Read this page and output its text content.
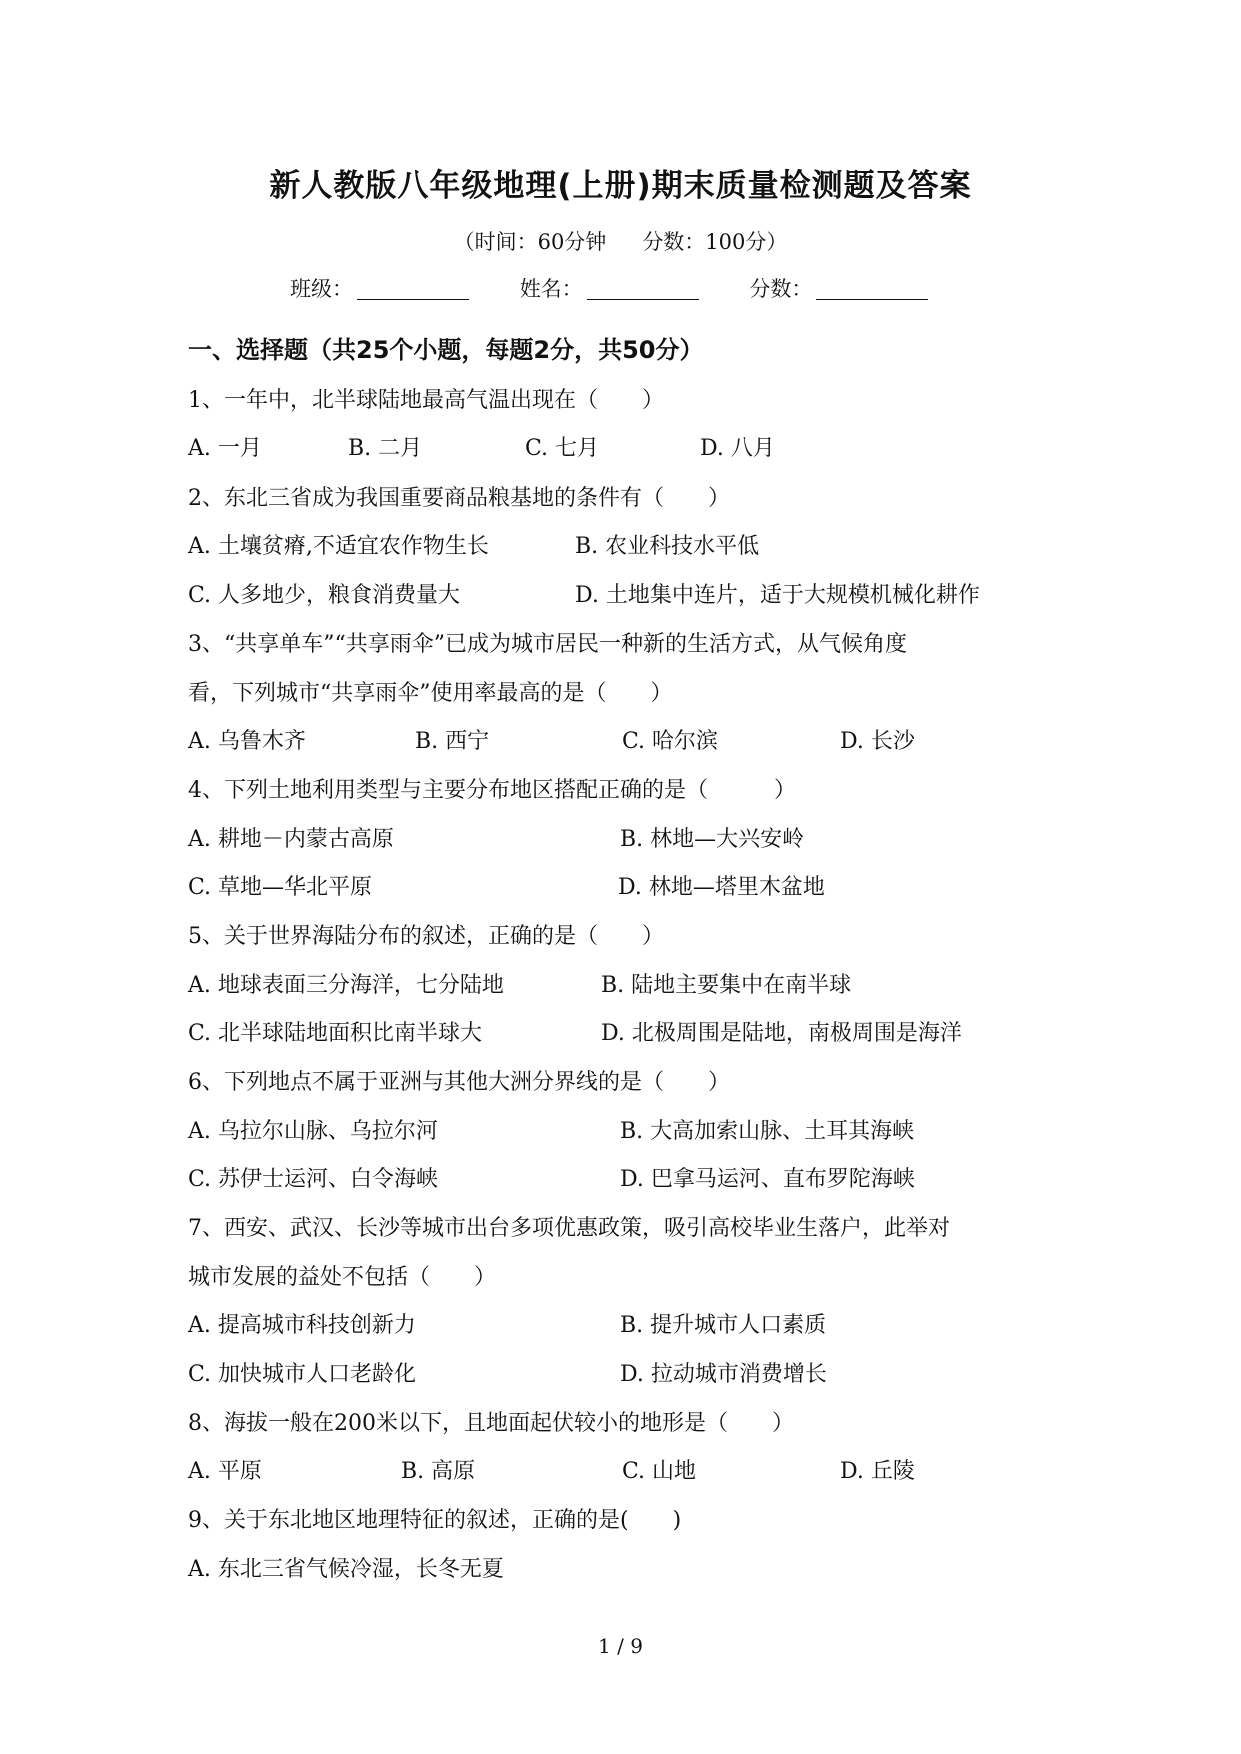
新人教版八年级地理(上册)期末质量检测题及答案
（时间：60分钟 分数：100分）
班级：	姓名：	分数：
一、选择题（共25个小题，每题2分，共50分）
1、一年中，北半球陆地最高气温出现在（　　）
A. 一月	B. 二月	C. 七月	D. 八月
2、东北三省成为我国重要商品粮基地的条件有（　　）
A. 土壤贫瘠,不适宜农作物生长	B. 农业科技水平低
C. 人多地少，粮食消费量大	D. 土地集中连片，适于大规模机械化耕作
3、“共享单车”“共享雨伞”已成为城市居民一种新的生活方式，从气候角度
看，下列城市“共享雨伞”使用率最高的是（　　）
A. 乌鲁木齐	B. 西宁	C. 哈尔滨	D. 长沙
4、下列土地利用类型与主要分布地区搭配正确的是（　　　）
A. 耕地－内蒙古高原	B. 林地—大兴安岭
C. 草地—华北平原	D. 林地—塔里木盆地
5、关于世界海陆分布的叙述，正确的是（　　）
A. 地球表面三分海洋，七分陆地	B. 陆地主要集中在南半球
C. 北半球陆地面积比南半球大	D. 北极周围是陆地，南极周围是海洋
6、下列地点不属于亚洲与其他大洲分界线的是（　　）
A. 乌拉尔山脉、乌拉尔河	B. 大高加索山脉、土耳其海峡
C. 苏伊士运河、白令海峡	D. 巴拿马运河、直布罗陀海峡
7、西安、武汉、长沙等城市出台多项优惠政策，吸引高校毕业生落户，此举对
城市发展的益处不包括（　　）
A. 提高城市科技创新力	B. 提升城市人口素质
C. 加快城市人口老龄化	D. 拉动城市消费增长
8、海拔一般在200米以下，且地面起伏较小的地形是（　　）
A. 平原	B. 高原	C. 山地	D. 丘陵
9、关于东北地区地理特征的叙述，正确的是(　　)
A. 东北三省气候冷湿，长冬无夏
1 / 9
